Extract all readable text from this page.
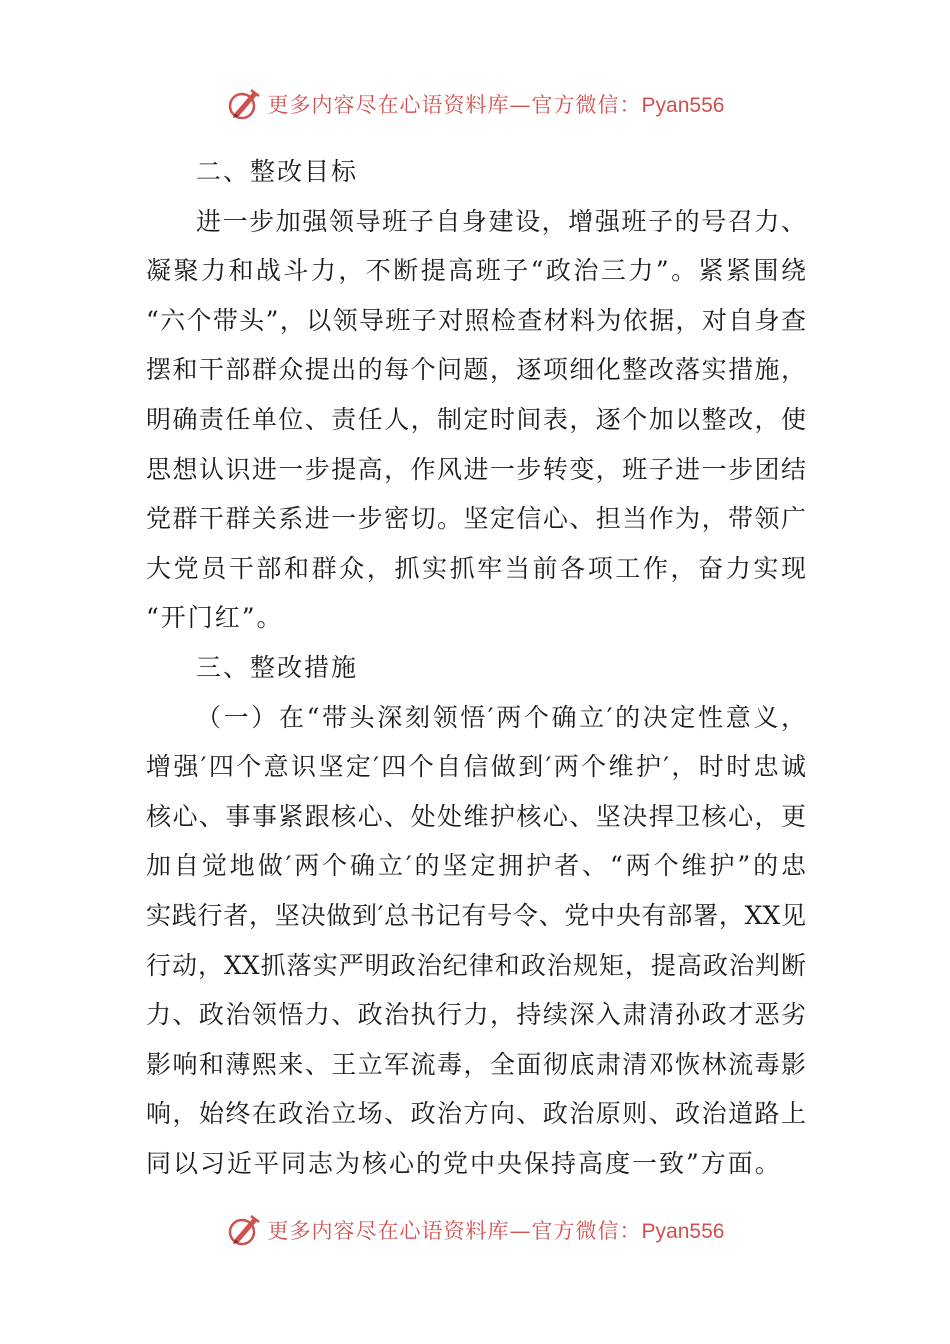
更多内容尽在心语资料库—官方微信：Pyan556
二、整改目标
进一步加强领导班子自身建设，增强班子的号召力、
凝聚力和战斗力，不断提高班子“政治三力”。紧紧围绕
“六个带头”，以领导班子对照检查材料为依据，对自身查
摆和干部群众提出的每个问题，逐项细化整改落实措施，
明确责任单位、责任人，制定时间表，逐个加以整改，使
思想认识进一步提高，作风进一步转变，班子进一步团结
党群干群关系进一步密切。坚定信心、担当作为，带领广
大党员干部和群众，抓实抓牢当前各项工作，奋力实现
“开门红”。
三、整改措施
（一）在“带头深刻领悟′两个确立′的决定性意义，
增强′四个意识坚定′四个自信做到′两个维护′，时时忠诚
核心、事事紧跟核心、处处维护核心、坚决捍卫核心，更
加自觉地做′两个确立′的坚定拥护者、“两个维护”的忠
实践行者，坚决做到′总书记有号令、党中央有部署，XX见
行动，XX抓落实严明政治纪律和政治规矩，提高政治判断
力、政治领悟力、政治执行力，持续深入肃清孙政才恶劣
影响和薄熙来、王立军流毒，全面彻底肃清邓恢林流毒影
响，始终在政治立场、政治方向、政治原则、政治道路上
同以习近平同志为核心的党中央保持高度一致”方面。
更多内容尽在心语资料库—官方微信：Pyan556
